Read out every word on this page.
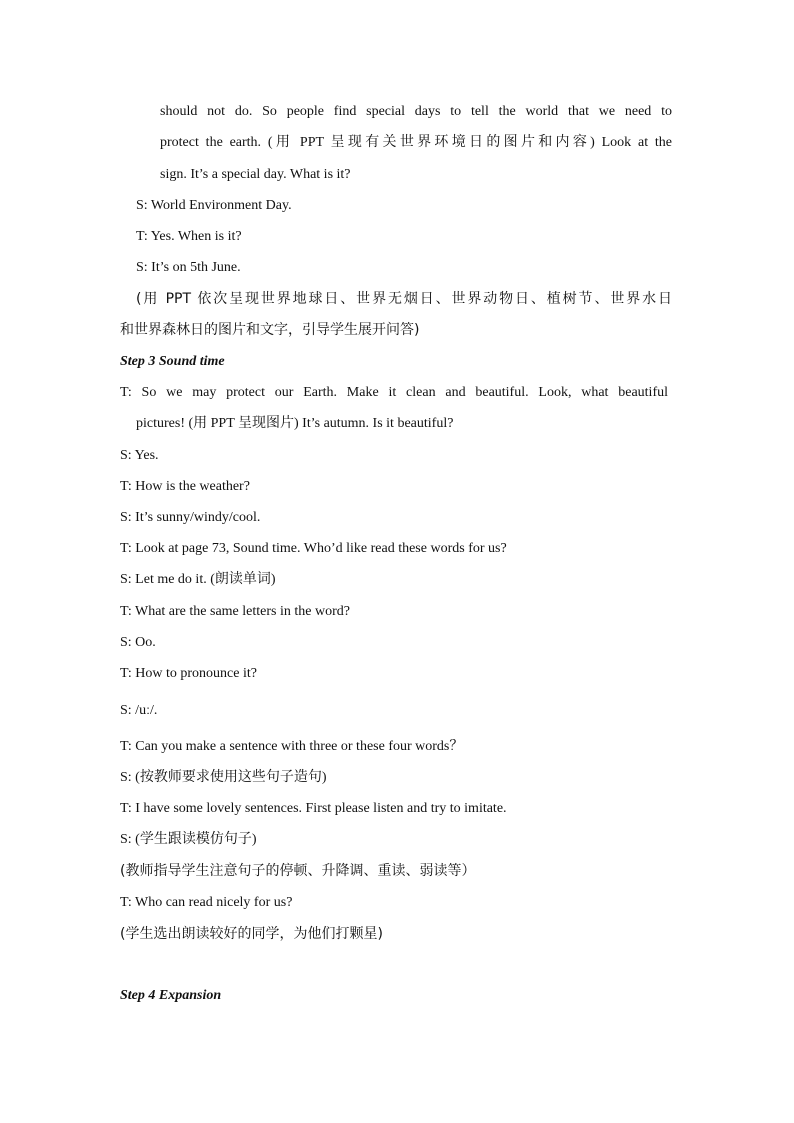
should not do. So people find special days to tell the world that we need to
protect the earth. (用 PPT 呈现有关世界环境日的图片和内容) Look at the
sign. It’s a special day. What is it?
S: World Environment Day.
T: Yes. When is it?
S: It’s on 5th June.
(用 PPT 依次呈现世界地球日、世界无烟日、世界动物日、植树节、世界水日
和世界森林日的图片和文字，引导学生展开问答)
Step 3 Sound time
T: So we may protect our Earth. Make it clean and beautiful. Look, what beautiful
pictures! (用 PPT 呈现图片) It’s autumn. Is it beautiful?
S: Yes.
T: How is the weather?
S: It’s sunny/windy/cool.
T: Look at page 73, Sound time. Who’d like read these words for us?
S: Let me do it. (朗读单词)
T: What are the same letters in the word?
S: Oo.
T: How to pronounce it?
S: /uː/.
T: Can you make a sentence with three or these four words？
S: (按教师要求使用这些句子造句)
T: I have some lovely sentences. First please listen and try to imitate.
S: (学生跟读模仿句子)
(教师指导学生注意句子的停顿、升降调、重读、弱读等）
T: Who can read nicely for us?
(学生选出朗读较好的同学，为他们打颗星)
Step 4 Expansion
